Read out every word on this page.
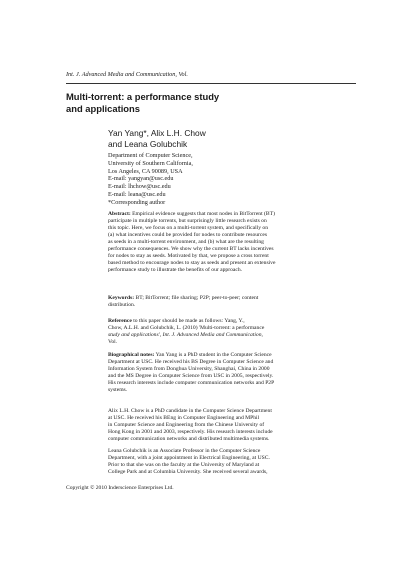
Int. J. Advanced Media and Communication, Vol.
Multi-torrent: a performance study
and applications
Yan Yang*, Alix L.H. Chow
and Leana Golubchik
Department of Computer Science,
University of Southern California,
Los Angeles, CA 90089, USA
E-mail: yangyan@usc.edu
E-mail: lhchow@usc.edu
E-mail: leana@usc.edu
*Corresponding author
Abstract: Empirical evidence suggests that most nodes in BitTorrent (BT)
participate in multiple torrents, but surprisingly little research exists on
this topic. Here, we focus on a multi-torrent system, and specifically on
(a) what incentives could be provided for nodes to contribute resources
as seeds in a multi-torrent environment, and (b) what are the resulting
performance consequences. We show why the current BT lacks incentives
for nodes to stay as seeds. Motivated by that, we propose a cross torrent
based method to encourage nodes to stay as seeds and present an extensive
performance study to illustrate the benefits of our approach.
Keywords: BT; BitTorrent; file sharing; P2P; peer-to-peer; content
distribution.
Reference to this paper should be made as follows: Yang, Y.,
Chow, A.L.H. and Golubchik, L. (2010) 'Multi-torrent: a performance
study and applications', Int. J. Advanced Media and Communication,
Vol.
Biographical notes: Yan Yang is a PhD student in the Computer Science
Department at USC. He received his BS Degree in Computer Science and
Information System from Donghua University, Shanghai, China in 2000
and the MS Degree in Computer Science from USC in 2005, respectively.
His research interests include computer communication networks and P2P
systems.
Alix L.H. Chow is a PhD candidate in the Computer Science Department
at USC. He received his BEng in Computer Engineering and MPhil
in Computer Science and Engineering from the Chinese University of
Hong Kong in 2001 and 2003, respectively. His research interests include
computer communication networks and distributed multimedia systems.
Leana Golubchik is an Associate Professor in the Computer Science
Department, with a joint appointment in Electrical Engineering, at USC.
Prior to that she was on the faculty at the University of Maryland at
College Park and at Columbia University. She received several awards,
Copyright © 2010 Inderscience Enterprises Ltd.
